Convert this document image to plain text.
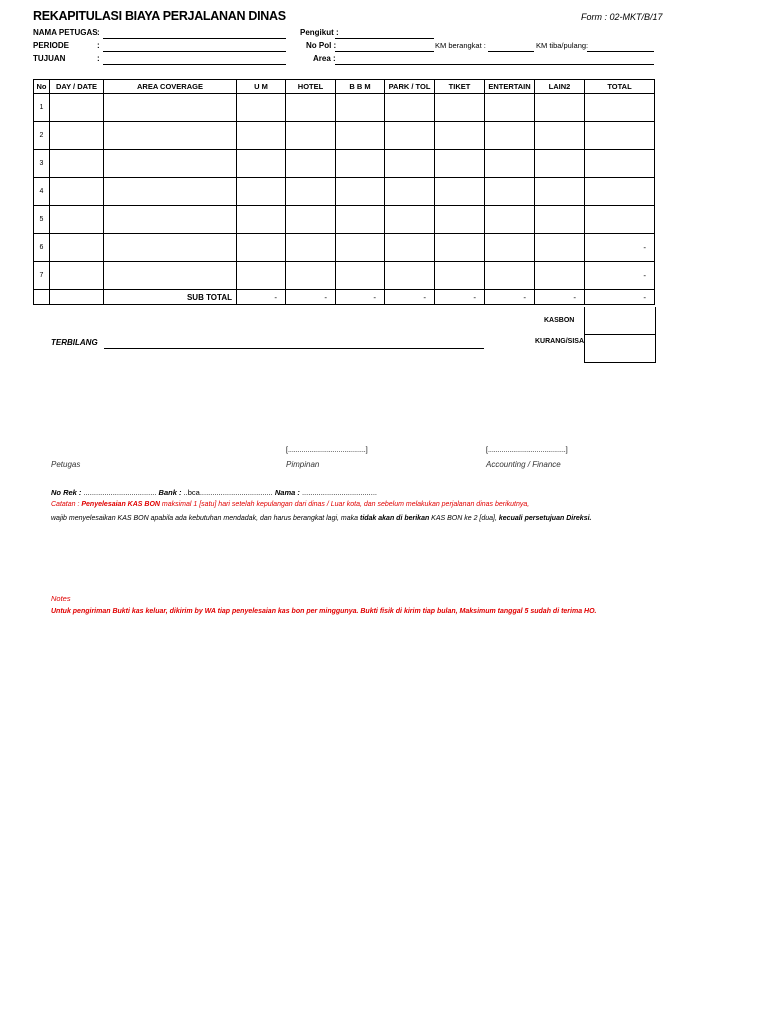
REKAPITULASI BIAYA PERJALANAN DINAS	Form : 02-MKT/B/17
NAMA PETUGAS :
PERIODE	:
TUJUAN	:
Pengikut :
No Pol :	KM berangkat :	KM tiba/pulang:
Area :
No	DAY / DATE	AREA COVERAGE	U M	HOTEL	B B M	PARK / TOL	TIKET	ENTERTAIN	LAIN2	TOTAL
1										
2										
3										
4										
5										
6										-
7										-
		SUB TOTAL	-	-	-	-	-	-	-	-
KASBON
KURANG/SISA
TERBILANG
[........................................]	[........................................]
Petugas	Pimpinan	Accounting / Finance
No Rek : ................................... Bank : ..bca................................... Nama : ....................................
Catatan : Penyelesaian KAS BON maksimal 1 [satu] hari setelah kepulangan dari dinas / Luar kota, dan sebelum melakukan perjalanan dinas berikutnya,
wajib menyelesaikan KAS BON apabila ada kebutuhan mendadak, dan harus berangkat lagi, maka tidak akan di berikan KAS BON ke 2 [dua], kecuali persetujuan Direksi.
Notes
Untuk pengiriman Bukti kas keluar, dikirim by WA tiap penyelesaian kas bon per minggunya. Bukti fisik di kirim tiap bulan, Maksimum tanggal 5 sudah di terima HO.
